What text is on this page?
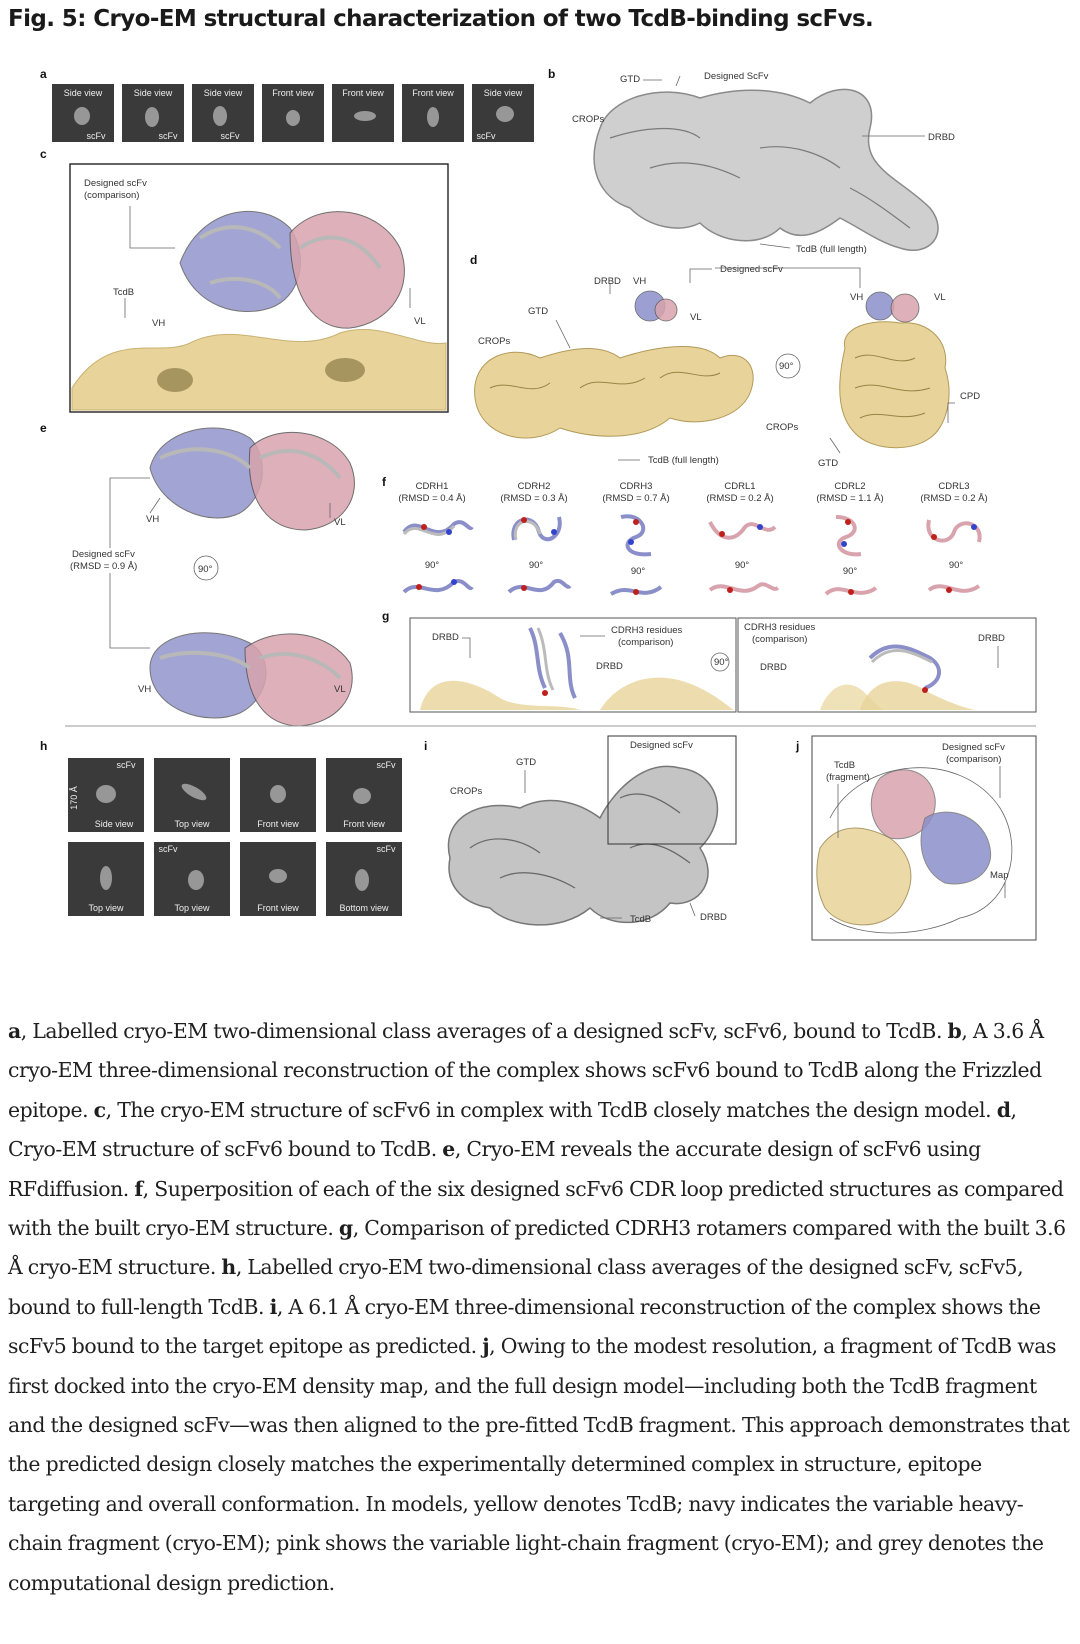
Fig. 5: Cryo-EM structural characterization of two TcdB-binding scFvs.
a
Side view
scFv
Side view
scFv
Side view
scFv
Front view	Front view	Front view	Side view
scFv
b	GTD	Designed ScFv
CROPs
DRBD
TcdB (full length)
c
Designed scFv
(comparison)
TcdB
VH	VL
d
Designed scFv
DRBD VH
GTD
VL
CROPs
90°
VH	VL
CPD
CROPs
GTD
TcdB (full length)
e
VH	VL
Designed scFv
(RMSD = 0.9 Å)	90°
VH	VL
f	CDRH1
(RMSD = 0.4 Å)
90°
CDRH2
(RMSD = 0.3 Å)
90°
CDRH3
(RMSD = 0.7 Å)
90°
CDRL1
(RMSD = 0.2 Å)
90°
CDRL2
(RMSD = 1.1 Å)
90°
CDRL3
(RMSD = 0.2 Å)
90°
g
DRBD
CDRH3 residues
(comparison)
DRBD	90°
CDRH3 residues
(comparison)
DRBD
DRBD
h
scFv
170 Å
Side view	Top view	Front view
scFv
Front view
Top view
scFv
Top view	Front view
scFv
Bottom view
i	Designed scFv
GTD
CROPs
TcdB	DRBD
j	Designed scFv
(comparison)
TcdB
(fragment)
Map

a, Labelled cryo-EM two-dimensional class averages of a designed scFv, scFv6, bound to TcdB. b, A 3.6 Å cryo-EM three-dimensional reconstruction of the complex shows scFv6 bound to TcdB along the Frizzled epitope. c, The cryo-EM structure of scFv6 in complex with TcdB closely matches the design model. d, Cryo-EM structure of scFv6 bound to TcdB. e, Cryo-EM reveals the accurate design of scFv6 using RFdiffusion. f, Superposition of each of the six designed scFv6 CDR loop predicted structures as compared with the built cryo-EM structure. g, Comparison of predicted CDRH3 rotamers compared with the built 3.6 Å cryo-EM structure. h, Labelled cryo-EM two-dimensional class averages of the designed scFv, scFv5, bound to full-length TcdB. i, A 6.1 Å cryo-EM three-dimensional reconstruction of the complex shows the scFv5 bound to the target epitope as predicted. j, Owing to the modest resolution, a fragment of TcdB was first docked into the cryo-EM density map, and the full design model—including both the TcdB fragment and the designed scFv—was then aligned to the pre-fitted TcdB fragment. This approach demonstrates that the predicted design closely matches the experimentally determined complex in structure, epitope targeting and overall conformation. In models, yellow denotes TcdB; navy indicates the variable heavy-chain fragment (cryo-EM); pink shows the variable light-chain fragment (cryo-EM); and grey denotes the computational design prediction.
